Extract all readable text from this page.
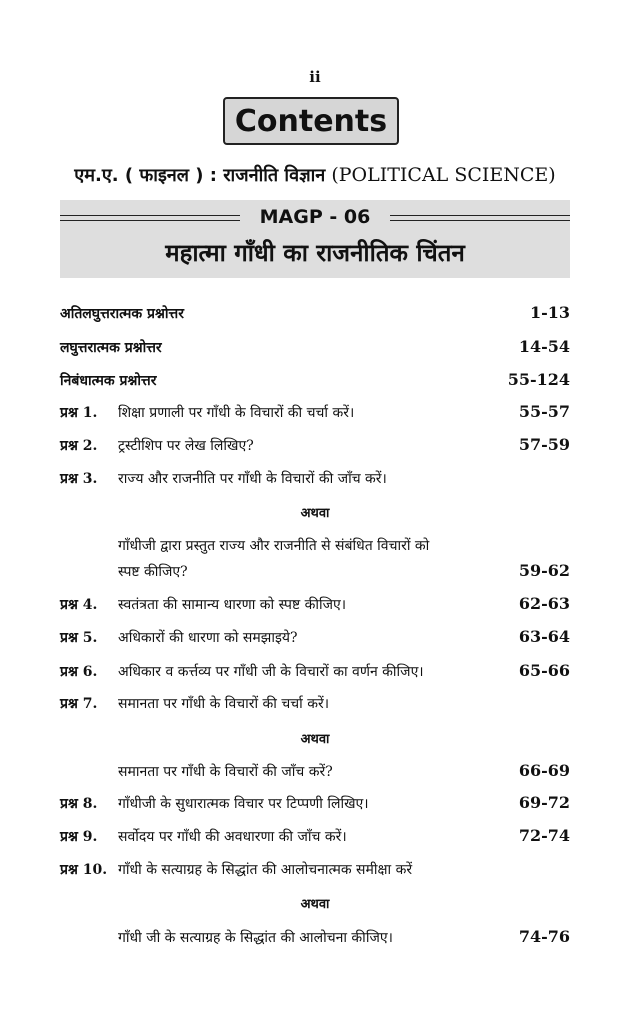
ii
Contents
एम.ए. ( फाइनल ) : राजनीति विज्ञान (POLITICAL SCIENCE)
MAGP - 06
महात्मा गाँधी का राजनीतिक चिंतन
अतिलघुत्तरात्मक प्रश्नोत्तर	1-13
लघुत्तरात्मक प्रश्नोत्तर	14-54
निबंधात्मक प्रश्नोत्तर	55-124
प्रश्न 1.	शिक्षा प्रणाली पर गाँधी के विचारों की चर्चा करें।	55-57
प्रश्न 2.	ट्रस्टीशिप पर लेख लिखिए?	57-59
प्रश्न 3.	राज्य और राजनीति पर गाँधी के विचारों की जाँच करें।
अथवा
गाँधीजी द्वारा प्रस्तुत राज्य और राजनीति से संबंधित विचारों को
स्पष्ट कीजिए?	59-62
प्रश्न 4.	स्वतंत्रता की सामान्य धारणा को स्पष्ट कीजिए।	62-63
प्रश्न 5.	अधिकारों की धारणा को समझाइये?	63-64
प्रश्न 6.	अधिकार व कर्त्तव्य पर गाँधी जी के विचारों का वर्णन कीजिए।	65-66
प्रश्न 7.	समानता पर गाँधी के विचारों की चर्चा करें।
अथवा
समानता पर गाँधी के विचारों की जाँच करें?	66-69
प्रश्न 8.	गाँधीजी के सुधारात्मक विचार पर टिप्पणी लिखिए।	69-72
प्रश्न 9.	सर्वोदय पर गाँधी की अवधारणा की जाँच करें।	72-74
प्रश्न 10. गाँधी के सत्याग्रह के सिद्धांत की आलोचनात्मक समीक्षा करें
अथवा
गाँधी जी के सत्याग्रह के सिद्धांत की आलोचना कीजिए।	74-76
